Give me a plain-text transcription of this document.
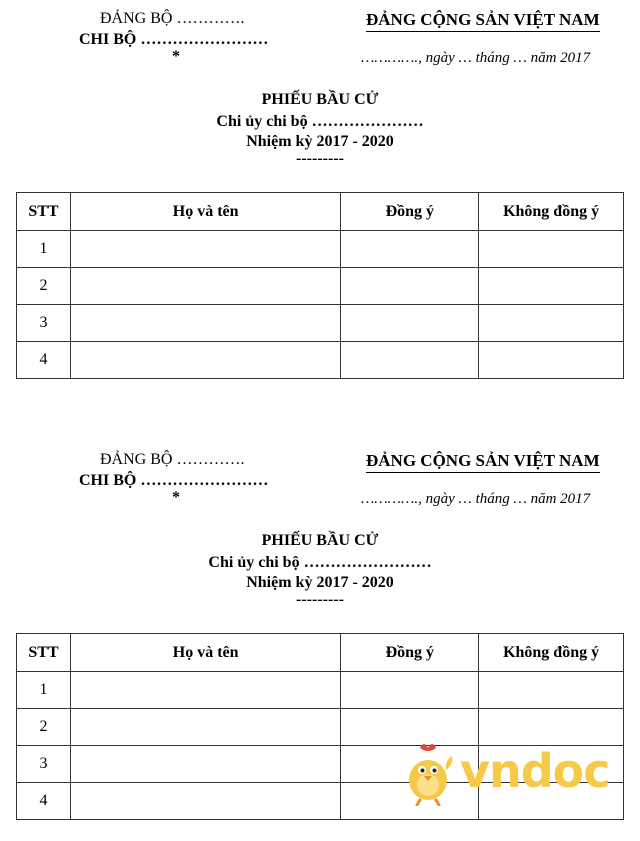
ĐẢNG BỘ ………….
CHI BỘ ……………………
*
ĐẢNG CỘNG SẢN VIỆT NAM
…………., ngày … tháng … năm 2017
PHIẾU BẦU CỬ
Chi ủy chi bộ …………………
Nhiệm kỳ 2017 - 2020
---------
STT	Họ và tên	Đồng ý	Không đồng ý
1			
2			
3			
4			
ĐẢNG BỘ ………….
CHI BỘ ……………………
*
ĐẢNG CỘNG SẢN VIỆT NAM
…………., ngày … tháng … năm 2017
PHIẾU BẦU CỬ
Chi ủy chi bộ ……………………
Nhiệm kỳ 2017 - 2020
---------
STT	Họ và tên	Đồng ý	Không đồng ý
1			
2			
3			
4			
vndoc
